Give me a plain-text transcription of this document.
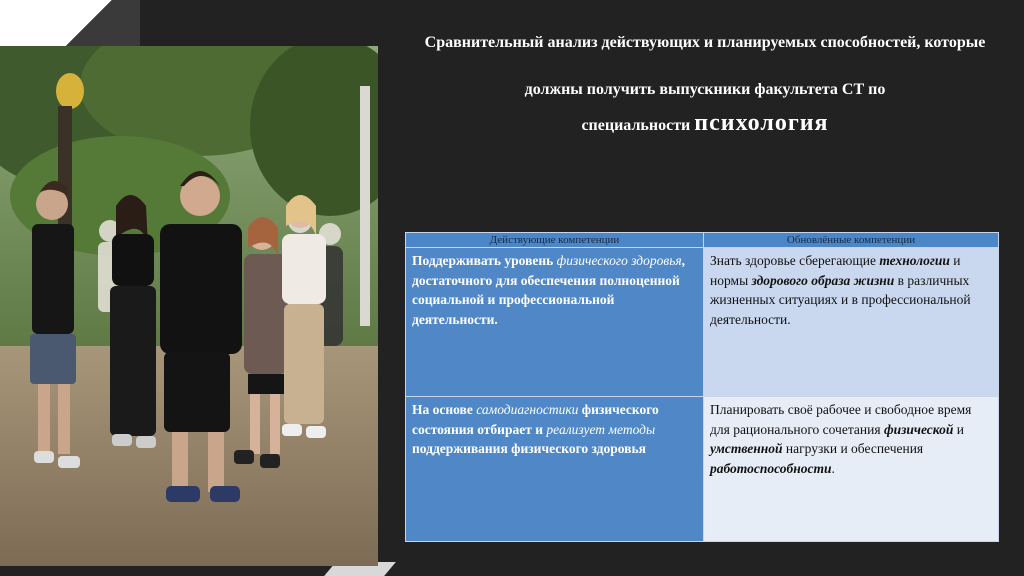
Сравнительный анализ действующих и планируемых способностей, которые
должны получить выпускники факультета СТ по
специальности психология
Действующие компетенции	Обновлённые компетенции
Поддерживать уровень физического здоровья, достаточного для обеспечения полноценной социальной и профессиональной деятельности.	Знать здоровье сберегающие технологии и нормы здорового образа жизни в различных жизненных ситуациях и в профессиональной деятельности.
На основе самодиагностики физического состояния отбирает и реализует методы поддерживания физического здоровья	Планировать своё рабочее и свободное время для рационального сочетания физической и умственной нагрузки и обеспечения работоспособности.
